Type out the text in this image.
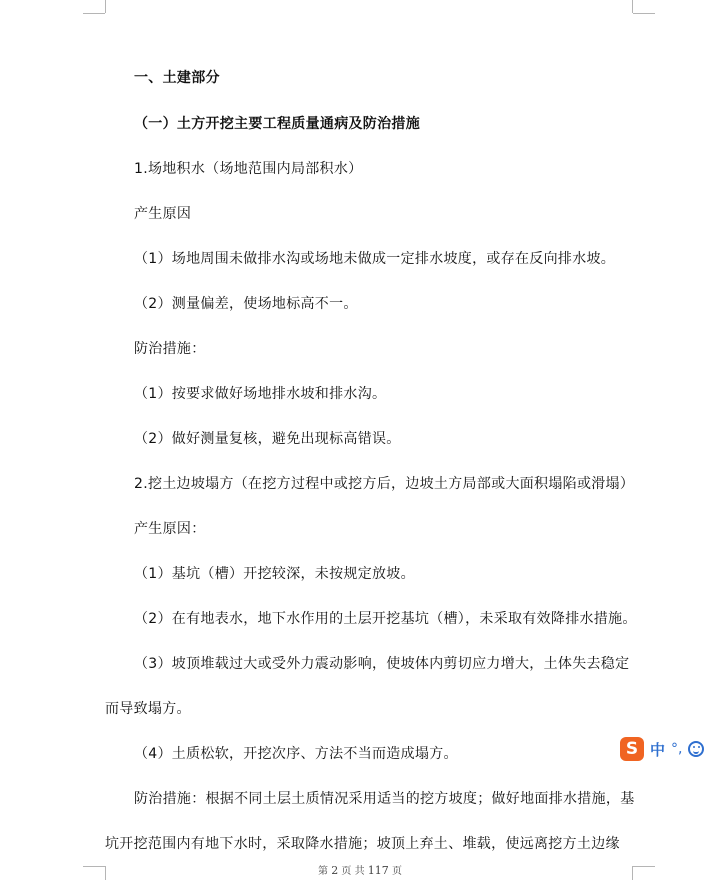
一、土建部分
（一）土方开挖主要工程质量通病及防治措施
1.场地积水（场地范围内局部积水）
产生原因
（1）场地周围未做排水沟或场地未做成一定排水坡度，或存在反向排水坡。
（2）测量偏差，使场地标高不一。
防治措施：
（1）按要求做好场地排水坡和排水沟。
（2）做好测量复核，避免出现标高错误。
2.挖土边坡塌方（在挖方过程中或挖方后，边坡土方局部或大面积塌陷或滑塌）
产生原因：
（1）基坑（槽）开挖较深，未按规定放坡。
（2）在有地表水，地下水作用的土层开挖基坑（槽），未采取有效降排水措施。
（3）坡顶堆载过大或受外力震动影响，使坡体内剪切应力增大，土体失去稳定
而导致塌方。
（4）土质松软，开挖次序、方法不当而造成塌方。
防治措施：根据不同土层土质情况采用适当的挖方坡度；做好地面排水措施，基
坑开挖范围内有地下水时，采取降水措施；坡顶上弃土、堆载，使远离挖方土边缘
第 2 页 共 117 页
S 中 °,
